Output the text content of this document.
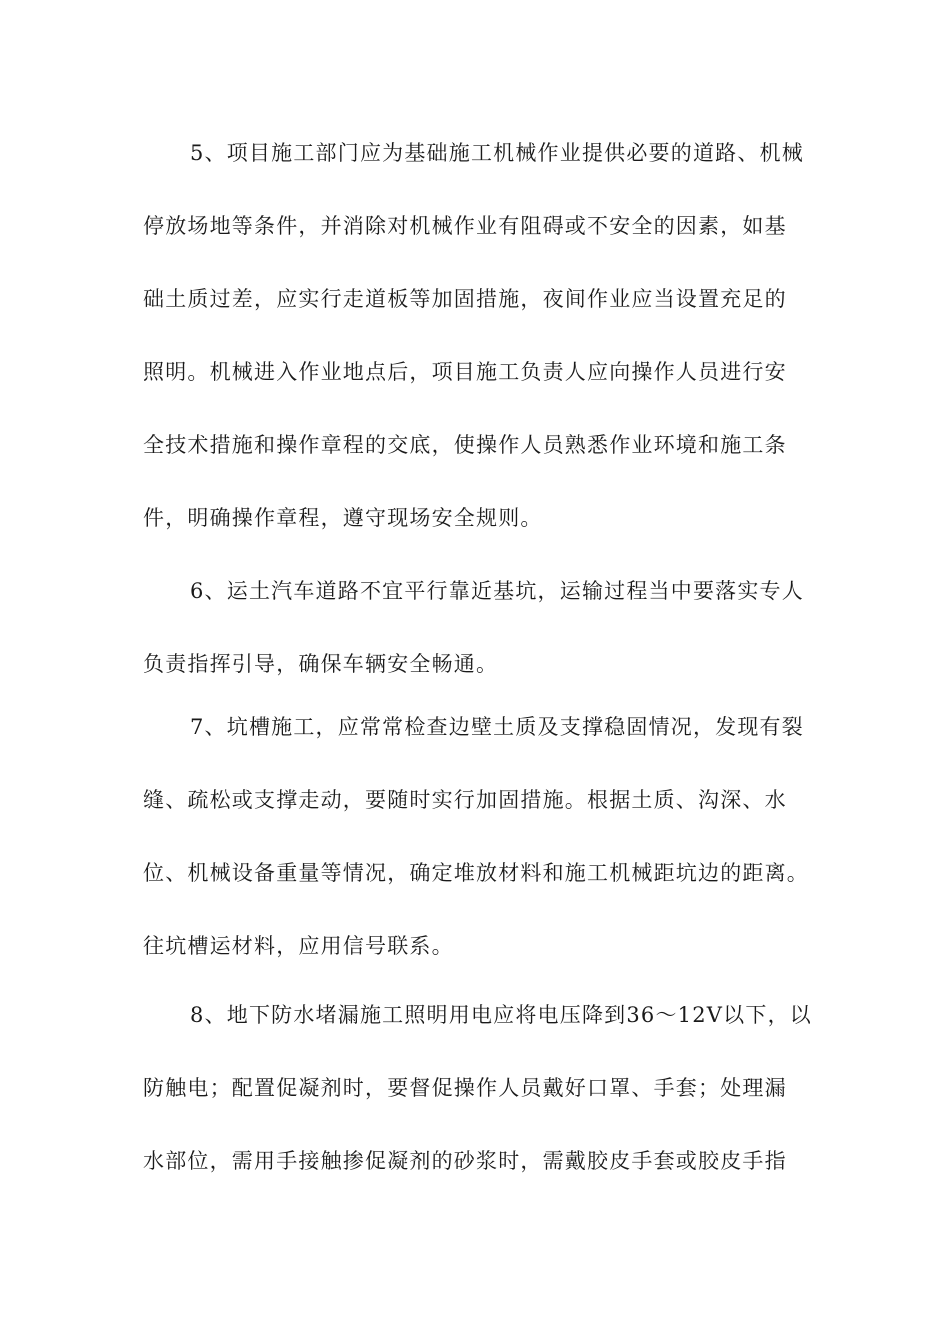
5、项目施工部门应为基础施工机械作业提供必要的道路、机械
停放场地等条件，并消除对机械作业有阻碍或不安全的因素，如基
础土质过差，应实行走道板等加固措施，夜间作业应当设置充足的
照明。机械进入作业地点后，项目施工负责人应向操作人员进行安
全技术措施和操作章程的交底，使操作人员熟悉作业环境和施工条
件，明确操作章程，遵守现场安全规则。
6、运土汽车道路不宜平行靠近基坑，运输过程当中要落实专人
负责指挥引导，确保车辆安全畅通。
7、坑槽施工，应常常检查边壁土质及支撑稳固情况，发现有裂
缝、疏松或支撑走动，要随时实行加固措施。根据土质、沟深、水
位、机械设备重量等情况，确定堆放材料和施工机械距坑边的距离。
往坑槽运材料，应用信号联系。
8、地下防水堵漏施工照明用电应将电压降到36～12V以下，以
防触电；配置促凝剂时，要督促操作人员戴好口罩、手套；处理漏
水部位，需用手接触掺促凝剂的砂浆时，需戴胶皮手套或胶皮手指
